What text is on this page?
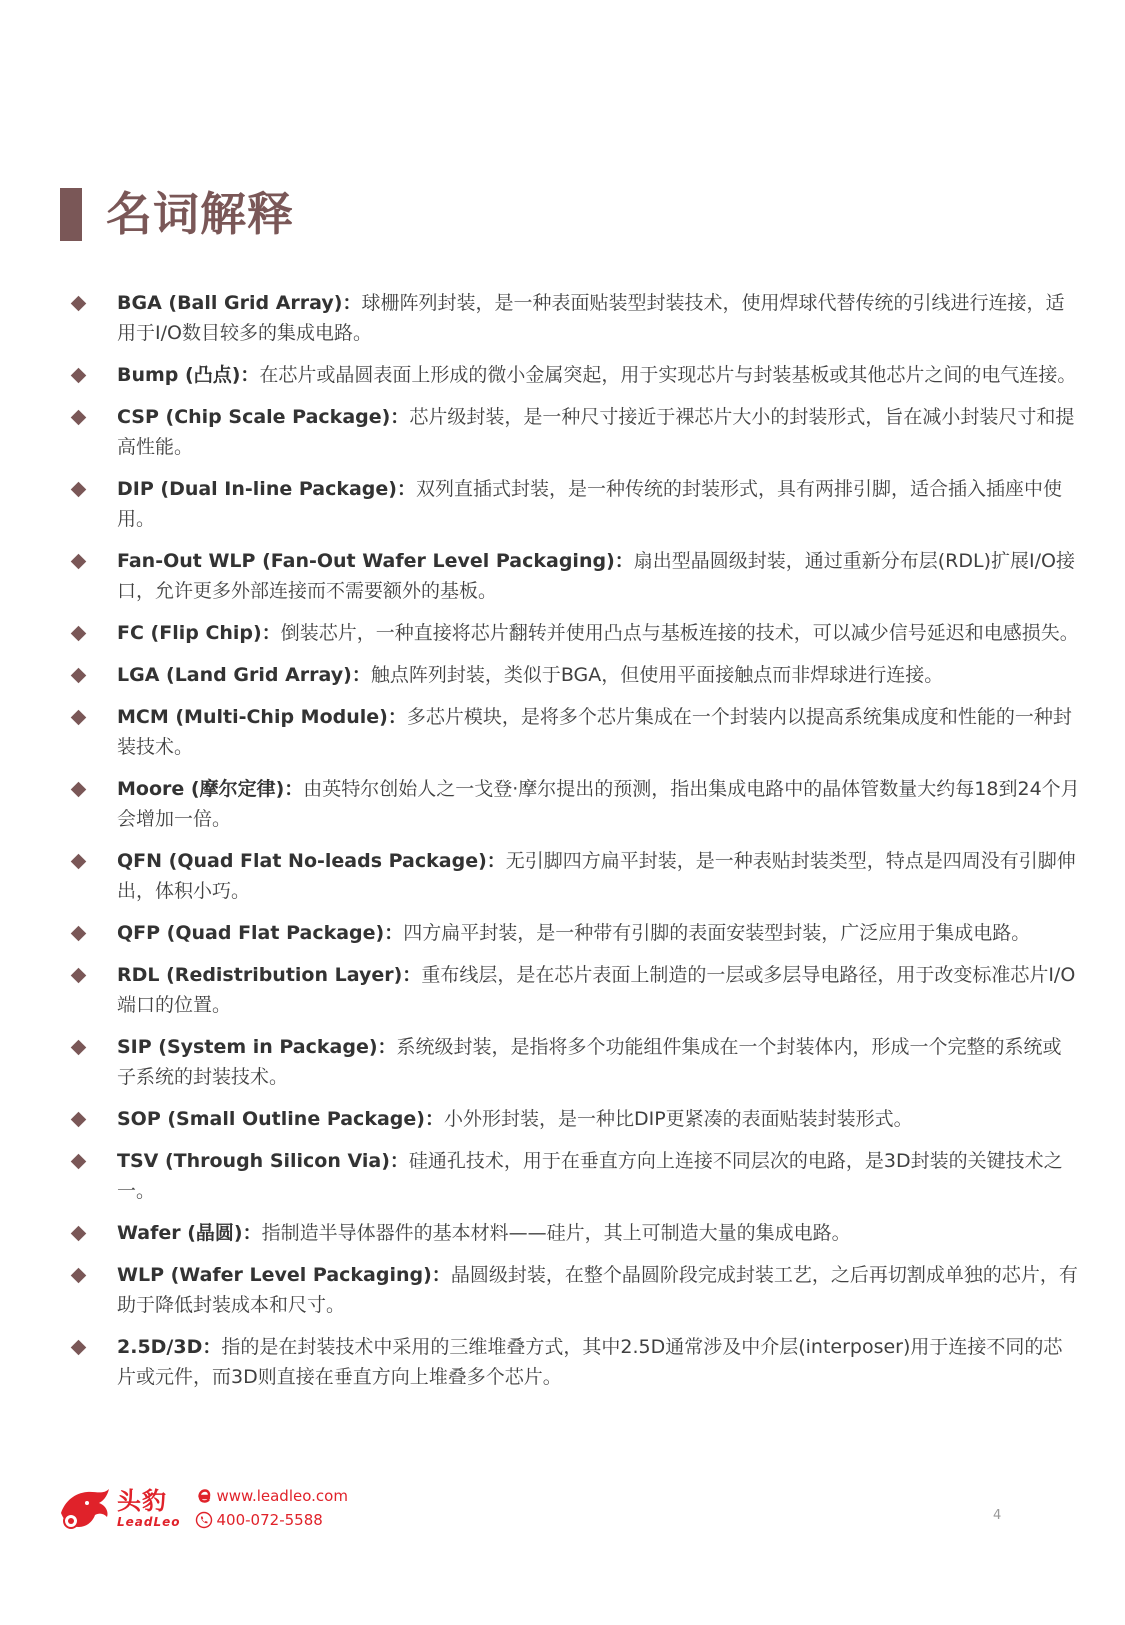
名词解释
BGA (Ball Grid Array)：球栅阵列封装，是一种表面贴装型封装技术，使用焊球代替传统的引线进行连接，适用于I/O数目较多的集成电路。
Bump (凸点)：在芯片或晶圆表面上形成的微小金属突起，用于实现芯片与封装基板或其他芯片之间的电气连接。
CSP (Chip Scale Package)：芯片级封装，是一种尺寸接近于裸芯片大小的封装形式，旨在减小封装尺寸和提高性能。
DIP (Dual In-line Package)：双列直插式封装，是一种传统的封装形式，具有两排引脚，适合插入插座中使用。
Fan-Out WLP (Fan-Out Wafer Level Packaging)：扇出型晶圆级封装，通过重新分布层(RDL)扩展I/O接口，允许更多外部连接而不需要额外的基板。
FC (Flip Chip)：倒装芯片，一种直接将芯片翻转并使用凸点与基板连接的技术，可以减少信号延迟和电感损失。
LGA (Land Grid Array)：触点阵列封装，类似于BGA，但使用平面接触点而非焊球进行连接。
MCM (Multi-Chip Module)：多芯片模块，是将多个芯片集成在一个封装内以提高系统集成度和性能的一种封装技术。
Moore (摩尔定律)：由英特尔创始人之一戈登·摩尔提出的预测，指出集成电路中的晶体管数量大约每18到24个月会增加一倍。
QFN (Quad Flat No-leads Package)：无引脚四方扁平封装，是一种表贴封装类型，特点是四周没有引脚伸出，体积小巧。
QFP (Quad Flat Package)：四方扁平封装，是一种带有引脚的表面安装型封装，广泛应用于集成电路。
RDL (Redistribution Layer)：重布线层，是在芯片表面上制造的一层或多层导电路径，用于改变标准芯片I/O端口的位置。
SIP (System in Package)：系统级封装，是指将多个功能组件集成在一个封装体内，形成一个完整的系统或子系统的封装技术。
SOP (Small Outline Package)：小外形封装，是一种比DIP更紧凑的表面贴装封装形式。
TSV (Through Silicon Via)：硅通孔技术，用于在垂直方向上连接不同层次的电路，是3D封装的关键技术之一。
Wafer (晶圆)：指制造半导体器件的基本材料——硅片，其上可制造大量的集成电路。
WLP (Wafer Level Packaging)：晶圆级封装，在整个晶圆阶段完成封装工艺，之后再切割成单独的芯片，有助于降低封装成本和尺寸。
2.5D/3D：指的是在封装技术中采用的三维堆叠方式，其中2.5D通常涉及中介层(interposer)用于连接不同的芯片或元件，而3D则直接在垂直方向上堆叠多个芯片。
头豹
LeadLeo
www.leadleo.com
400-072-5588	4
